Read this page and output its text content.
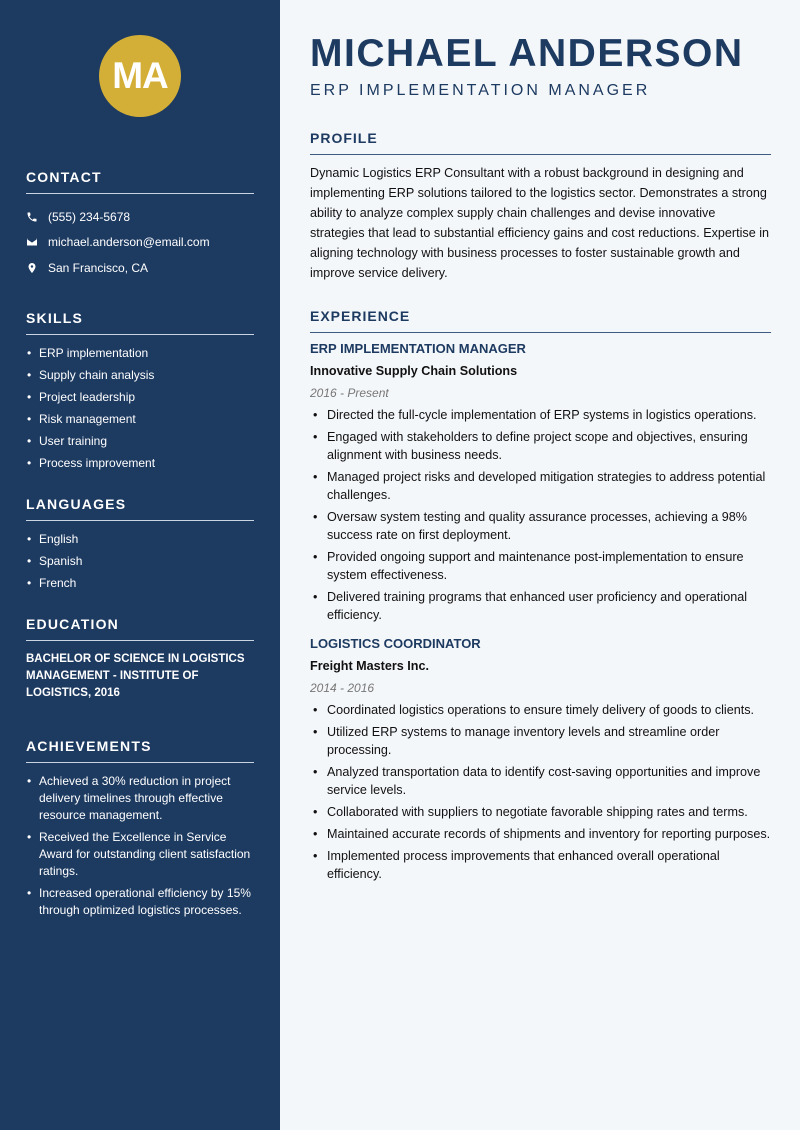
MA
CONTACT
(555) 234-5678
michael.anderson@email.com
San Francisco, CA
SKILLS
• ERP implementation
• Supply chain analysis
• Project leadership
• Risk management
• User training
• Process improvement
LANGUAGES
• English
• Spanish
• French
EDUCATION
BACHELOR OF SCIENCE IN LOGISTICS MANAGEMENT - INSTITUTE OF LOGISTICS, 2016
ACHIEVEMENTS
• Achieved a 30% reduction in project delivery timelines through effective resource management.
• Received the Excellence in Service Award for outstanding client satisfaction ratings.
• Increased operational efficiency by 15% through optimized logistics processes.
MICHAEL ANDERSON
ERP IMPLEMENTATION MANAGER
PROFILE
Dynamic Logistics ERP Consultant with a robust background in designing and implementing ERP solutions tailored to the logistics sector. Demonstrates a strong ability to analyze complex supply chain challenges and devise innovative strategies that lead to substantial efficiency gains and cost reductions. Expertise in aligning technology with business processes to foster sustainable growth and improve service delivery.
EXPERIENCE
ERP IMPLEMENTATION MANAGER
Innovative Supply Chain Solutions
2016 - Present
• Directed the full-cycle implementation of ERP systems in logistics operations.
• Engaged with stakeholders to define project scope and objectives, ensuring alignment with business needs.
• Managed project risks and developed mitigation strategies to address potential challenges.
• Oversaw system testing and quality assurance processes, achieving a 98% success rate on first deployment.
• Provided ongoing support and maintenance post-implementation to ensure system effectiveness.
• Delivered training programs that enhanced user proficiency and operational efficiency.
LOGISTICS COORDINATOR
Freight Masters Inc.
2014 - 2016
• Coordinated logistics operations to ensure timely delivery of goods to clients.
• Utilized ERP systems to manage inventory levels and streamline order processing.
• Analyzed transportation data to identify cost-saving opportunities and improve service levels.
• Collaborated with suppliers to negotiate favorable shipping rates and terms.
• Maintained accurate records of shipments and inventory for reporting purposes.
• Implemented process improvements that enhanced overall operational efficiency.
